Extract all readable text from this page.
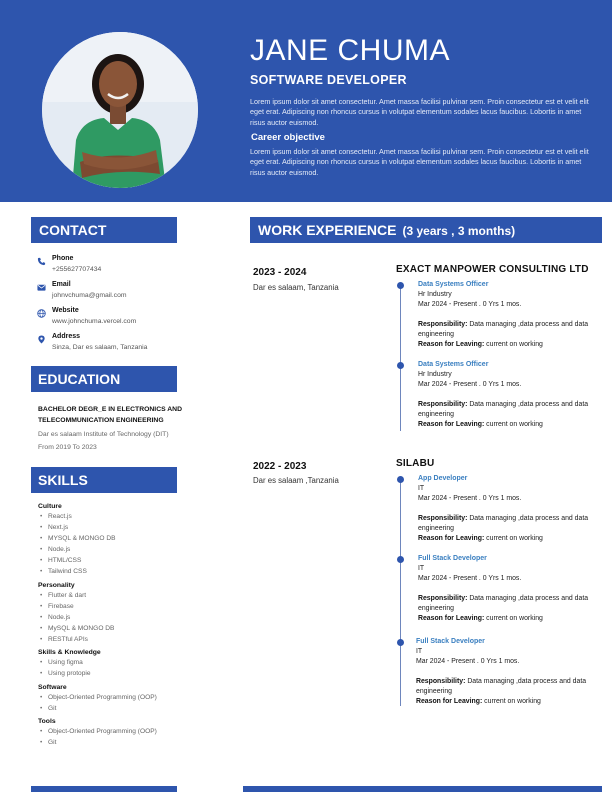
JANE CHUMA
SOFTWARE DEVELOPER
Lorem ipsum dolor sit amet consectetur. Amet massa facilisi pulvinar sem. Proin consectetur est et velit elit eget erat. Adipiscing non rhoncus cursus in volutpat elementum sodales lacus faucibus. Lobortis in amet risus auctor euismod.
Career objective
Lorem ipsum dolor sit amet consectetur. Amet massa facilisi pulvinar sem. Proin consectetur est et velit elit eget erat. Adipiscing non rhoncus cursus in volutpat elementum sodales lacus faucibus. Lobortis in amet risus auctor euismod.
CONTACT
Phone
+255627707434
Email
johnvchuma@gmail.com
Website
www.johnchuma.vercel.com
Address
Sinza, Dar es salaam, Tanzania
EDUCATION
BACHELOR DEGR_E IN ELECTRONICS AND TELECOMMUNICATION ENGINEERING
Dar es salaam Institute of Technology (DIT)
From 2019 To 2023
SKILLS
Culture
• React.js
• Next.js
• MYSQL & MONGO DB
• Node.js
• HTML/CSS
• Tailwind CSS
Personality
• Flutter & dart
• Firebase
• Node.js
• MySQL & MONGO DB
• RESTful APIs
Skills & Knowledge
• Using figma
• Using protopie
Software
• Object-Oriented Programming (OOP)
• Git
Tools
• Object-Oriented Programming (OOP)
• Git
WORK EXPERIENCE (3 years , 3 months)
2023 - 2024
Dar es salaam, Tanzania
EXACT MANPOWER CONSULTING LTD
Data Systems Officer
Hr Industry
Mar 2024 - Present . 0 Yrs 1 mos.
Responsibility: Data managing ,data process and data engineering
Reason for Leaving: current on working
Data Systems Officer
Hr Industry
Mar 2024 - Present . 0 Yrs 1 mos.
Responsibility: Data managing ,data process and data engineering
Reason for Leaving: current on working
2022 - 2023
Dar es salaam ,Tanzania
SILABU
App Developer
IT
Mar 2024 - Present . 0 Yrs 1 mos.
Responsibility: Data managing ,data process and data engineering
Reason for Leaving: current on working
Full Stack Developer
IT
Mar 2024 - Present . 0 Yrs 1 mos.
Responsibility: Data managing ,data process and data engineering
Reason for Leaving: current on working
Full Stack Developer
IT
Mar 2024 - Present . 0 Yrs 1 mos.
Responsibility: Data managing ,data process and data engineering
Reason for Leaving: current on working
